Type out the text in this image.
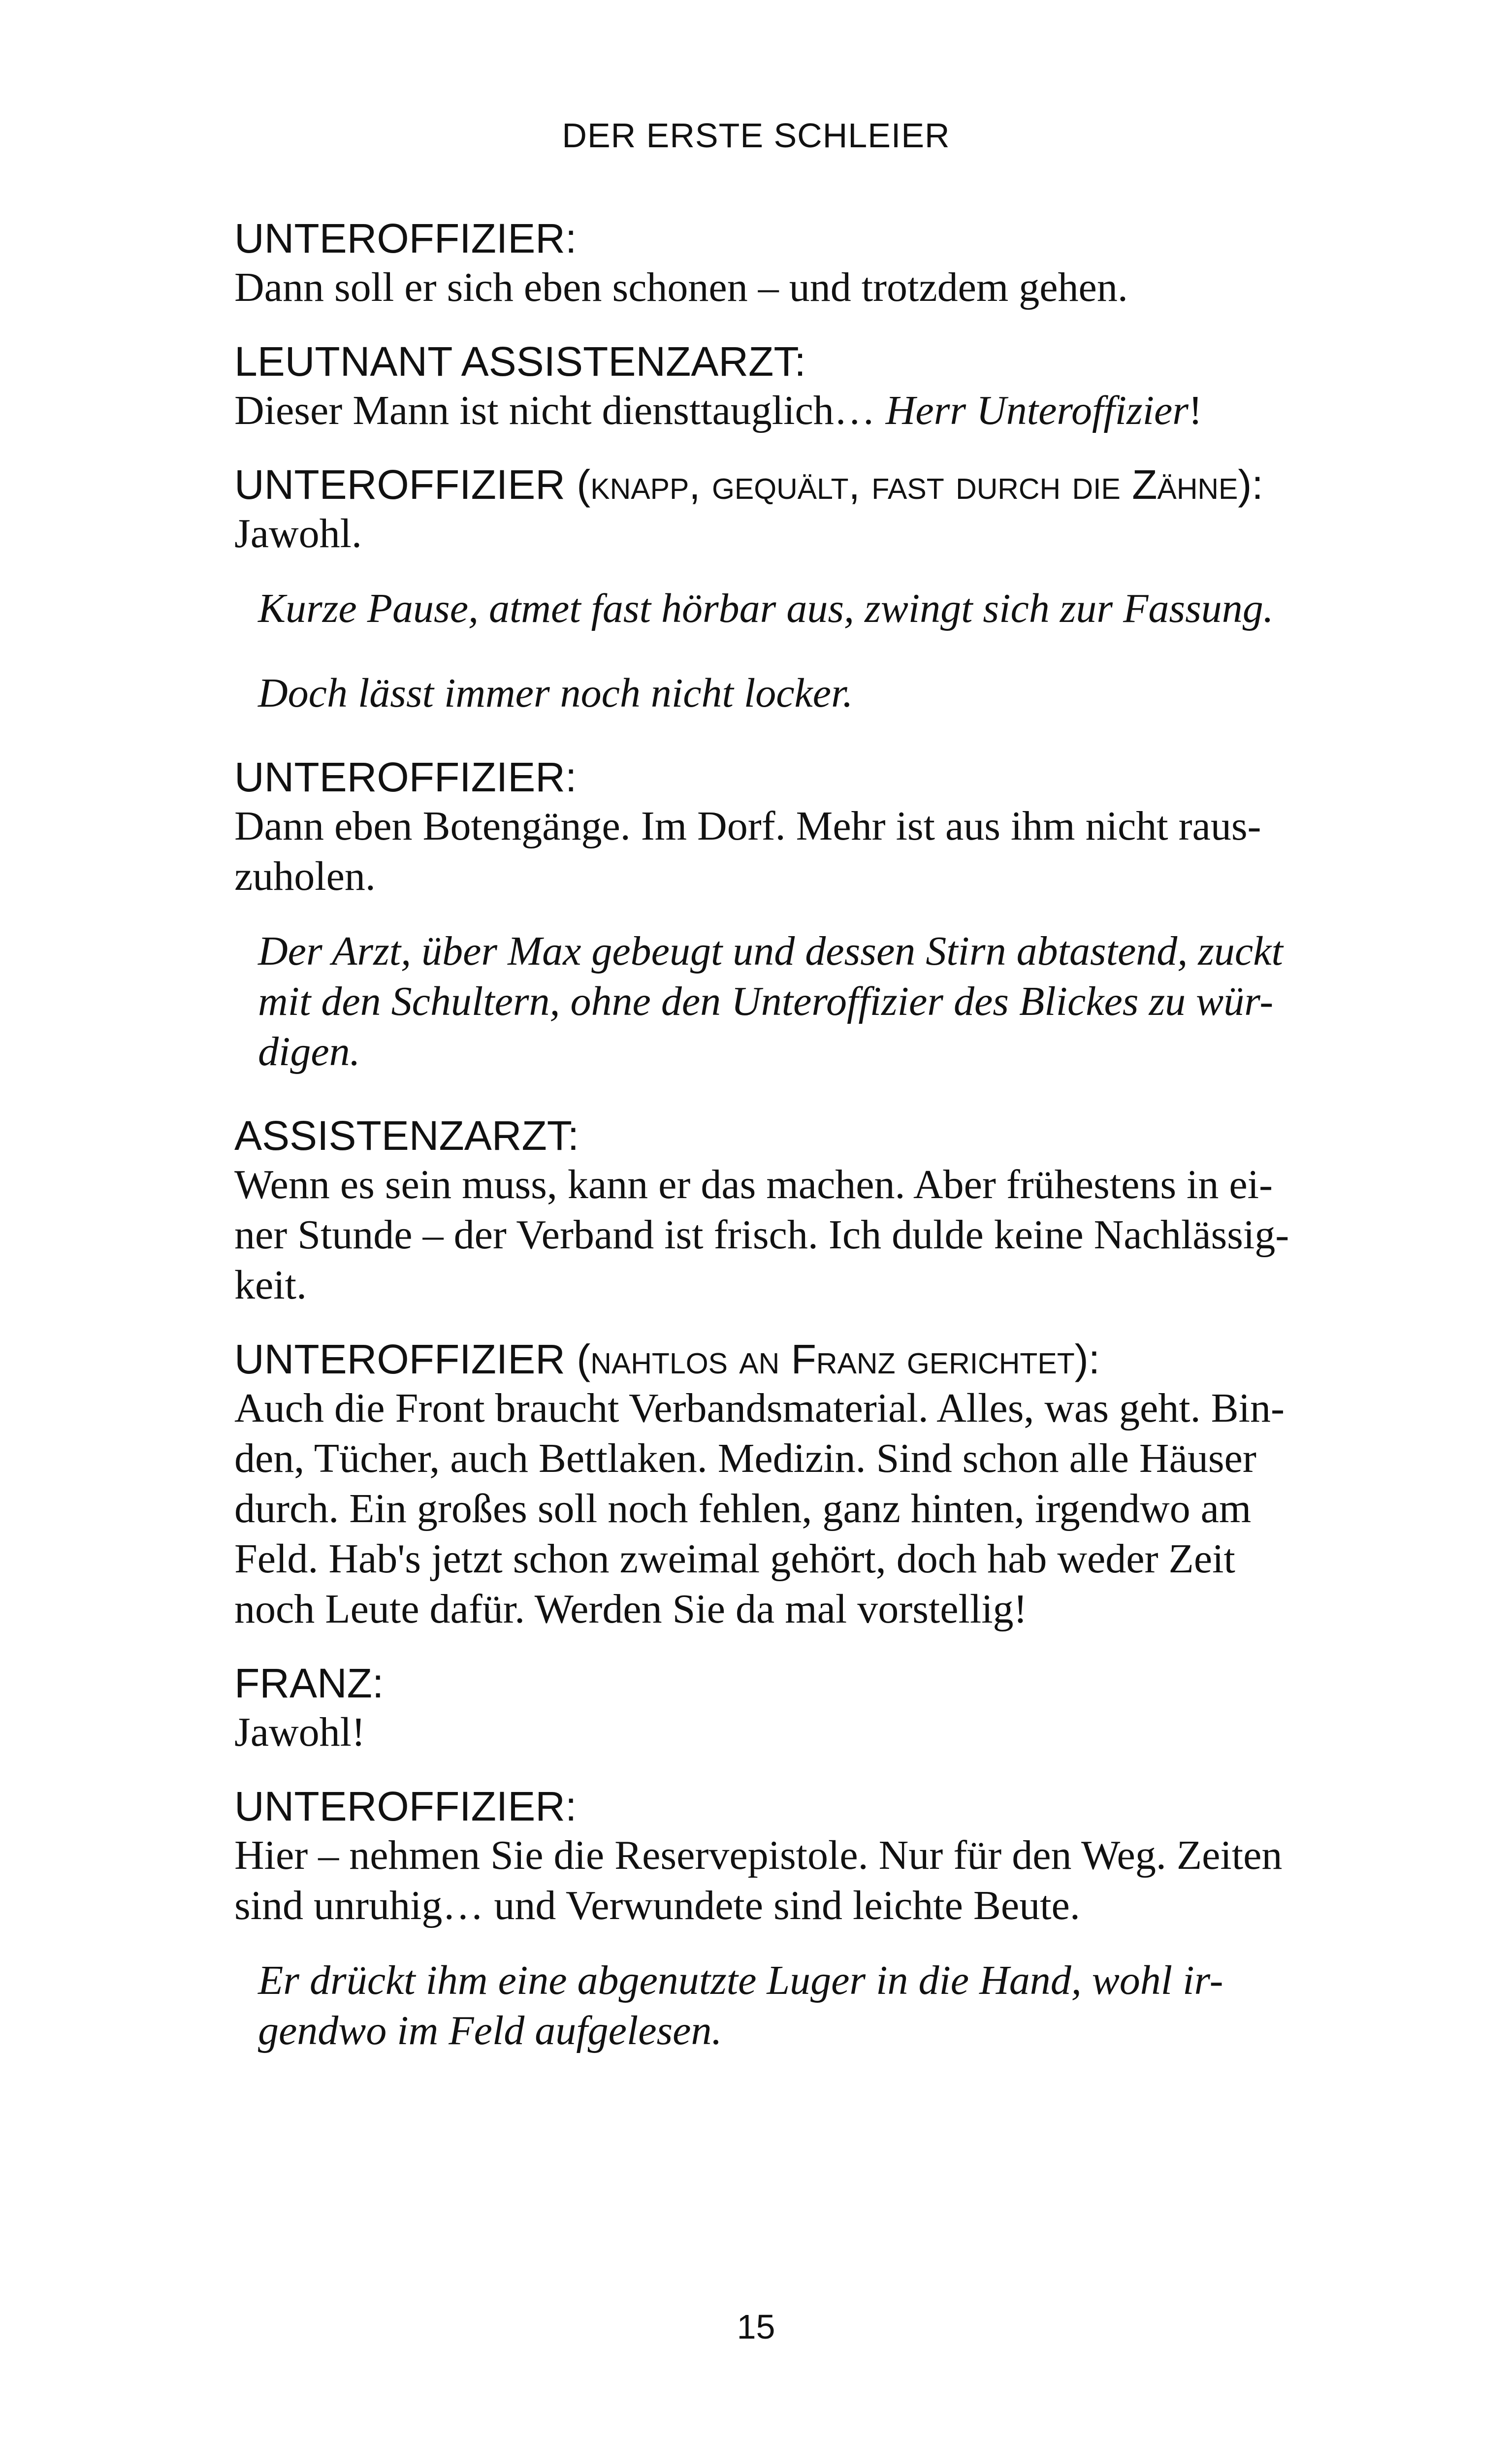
DER ERSTE SCHLEIER
UNTEROFFIZIER:
Dann soll er sich eben schonen – und trotzdem gehen.
LEUTNANT ASSISTENZARZT:
Dieser Mann ist nicht diensttauglich… Herr Unteroffizier!
UNTEROFFIZIER (knapp, gequält, fast durch die Zähne):
Jawohl.
Kurze Pause, atmet fast hörbar aus, zwingt sich zur Fassung.
Doch lässt immer noch nicht locker.
UNTEROFFIZIER:
Dann eben Botengänge. Im Dorf. Mehr ist aus ihm nicht raus-
zuholen.
Der Arzt, über Max gebeugt und dessen Stirn abtastend, zuckt
mit den Schultern, ohne den Unteroffizier des Blickes zu wür-
digen.
ASSISTENZARZT:
Wenn es sein muss, kann er das machen. Aber frühestens in ei-
ner Stunde – der Verband ist frisch. Ich dulde keine Nachlässig-
keit.
UNTEROFFIZIER (nahtlos an Franz gerichtet):
Auch die Front braucht Verbandsmaterial. Alles, was geht. Bin-
den, Tücher, auch Bettlaken. Medizin. Sind schon alle Häuser
durch. Ein großes soll noch fehlen, ganz hinten, irgendwo am
Feld. Hab's jetzt schon zweimal gehört, doch hab weder Zeit
noch Leute dafür. Werden Sie da mal vorstellig!
FRANZ:
Jawohl!
UNTEROFFIZIER:
Hier – nehmen Sie die Reservepistole. Nur für den Weg. Zeiten
sind unruhig… und Verwundete sind leichte Beute.
Er drückt ihm eine abgenutzte Luger in die Hand, wohl ir-
gendwo im Feld aufgelesen.
15
